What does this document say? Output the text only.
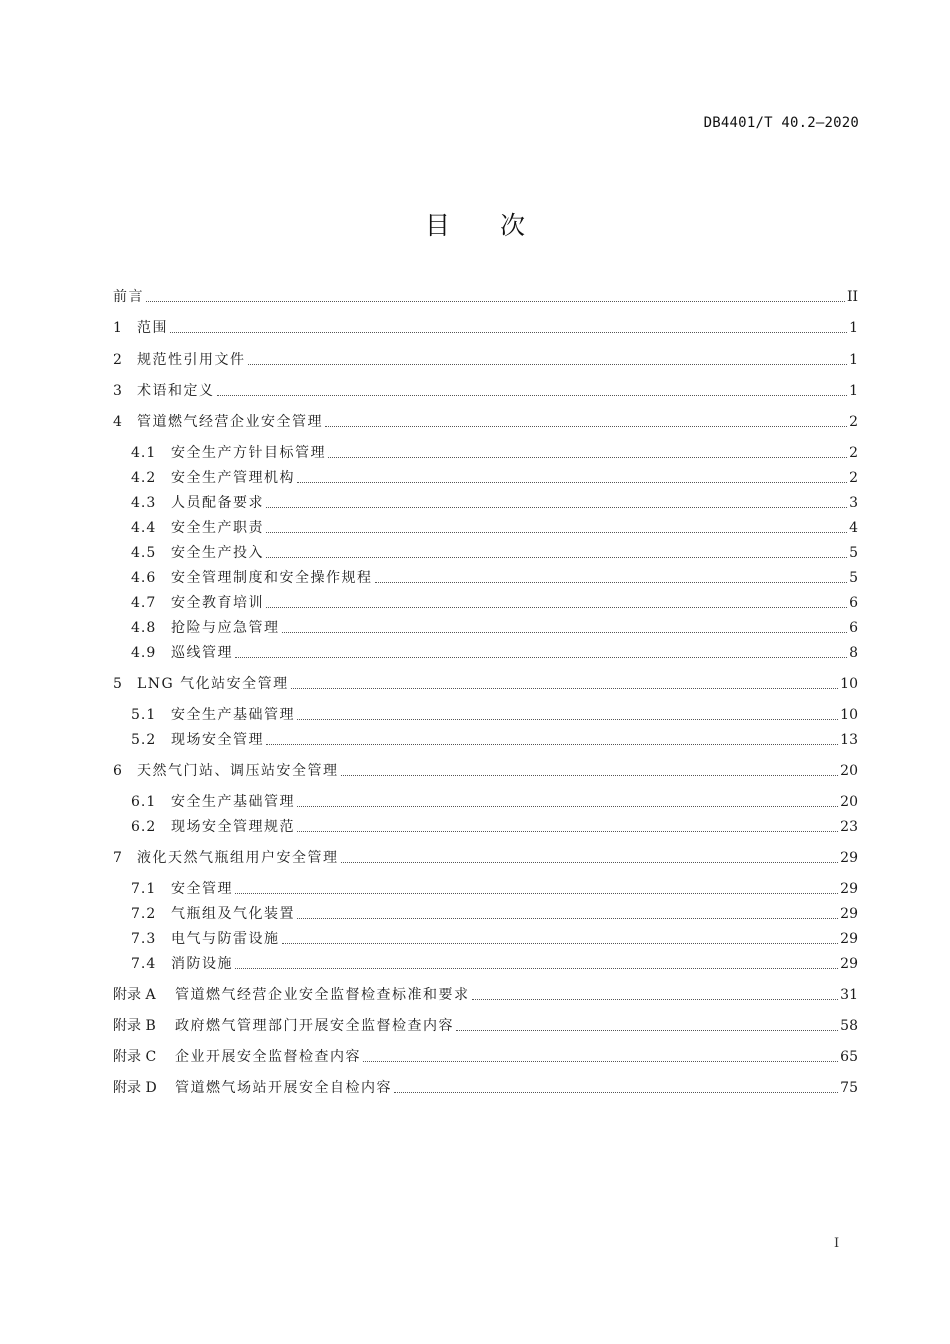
DB4401/T 40.2—2020
目次
前言	II
1	范围	1
2	规范性引用文件	1
3	术语和定义	1
4	管道燃气经营企业安全管理	2
4.1	安全生产方针目标管理	2
4.2	安全生产管理机构	2
4.3	人员配备要求	3
4.4	安全生产职责	4
4.5	安全生产投入	5
4.6	安全管理制度和安全操作规程	5
4.7	安全教育培训	6
4.8	抢险与应急管理	6
4.9	巡线管理	8
5	LNG 气化站安全管理	10
5.1	安全生产基础管理	10
5.2	现场安全管理	13
6	天然气门站、调压站安全管理	20
6.1	安全生产基础管理	20
6.2	现场安全管理规范	23
7	液化天然气瓶组用户安全管理	29
7.1	安全管理	29
7.2	气瓶组及气化装置	29
7.3	电气与防雷设施	29
7.4	消防设施	29
附录 A	管道燃气经营企业安全监督检查标准和要求	31
附录 B	政府燃气管理部门开展安全监督检查内容	58
附录 C	企业开展安全监督检查内容	65
附录 D	管道燃气场站开展安全自检内容	75
I
